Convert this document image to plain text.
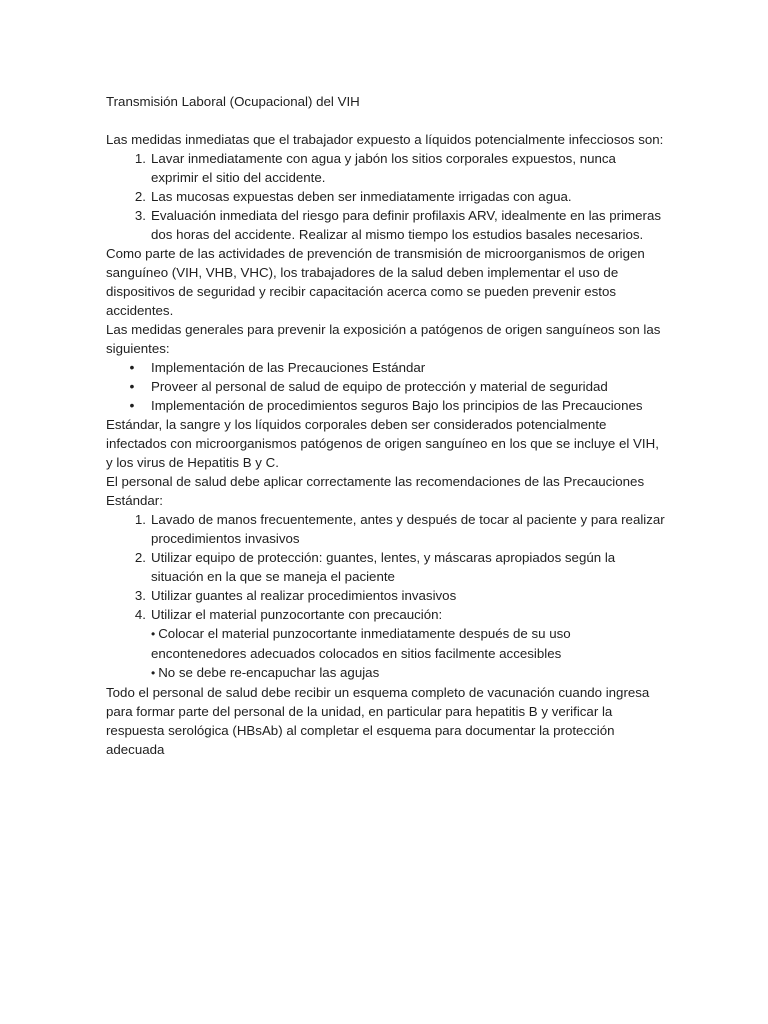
Transmisión Laboral (Ocupacional) del VIH

Las medidas inmediatas que el trabajador expuesto a líquidos potencialmente infecciosos son:

1. Lavar inmediatamente con agua y jabón los sitios corporales expuestos, nunca exprimir el sitio del accidente.
2. Las mucosas expuestas deben ser inmediatamente irrigadas con agua.
3. Evaluación inmediata del riesgo para definir profilaxis ARV, idealmente en las primeras dos horas del accidente. Realizar al mismo tiempo los estudios basales necesarios.

Como parte de las actividades de prevención de transmisión de microorganismos de origen sanguíneo (VIH, VHB, VHC), los trabajadores de la salud deben implementar el uso de dispositivos de seguridad y recibir capacitación acerca como se pueden prevenir estos accidentes.

Las medidas generales para prevenir la exposición a patógenos de origen sanguíneos son las siguientes:

• Implementación de las Precauciones Estándar
• Proveer al personal de salud de equipo de protección y material de seguridad
• Implementación de procedimientos seguros Bajo los principios de las Precauciones

Estándar, la sangre y los líquidos corporales deben ser considerados potencialmente infectados con microorganismos patógenos de origen sanguíneo en los que se incluye el VIH, y los virus de Hepatitis B y C.

El personal de salud debe aplicar correctamente las recomendaciones de las Precauciones Estándar:

1. Lavado de manos frecuentemente, antes y después de tocar al paciente y para realizar procedimientos invasivos
2. Utilizar equipo de protección: guantes, lentes, y máscaras apropiados según la situación en la que se maneja el paciente
3. Utilizar guantes al realizar procedimientos invasivos
4. Utilizar el material punzocortante con precaución:
• Colocar el material punzocortante inmediatamente después de su uso encontenedores adecuados colocados en sitios facilmente accesibles
• No se debe re-encapuchar las agujas

Todo el personal de salud debe recibir un esquema completo de vacunación cuando ingresa para formar parte del personal de la unidad, en particular para hepatitis B y verificar la respuesta serológica (HBsAb) al completar el esquema para documentar la protección adecuada
